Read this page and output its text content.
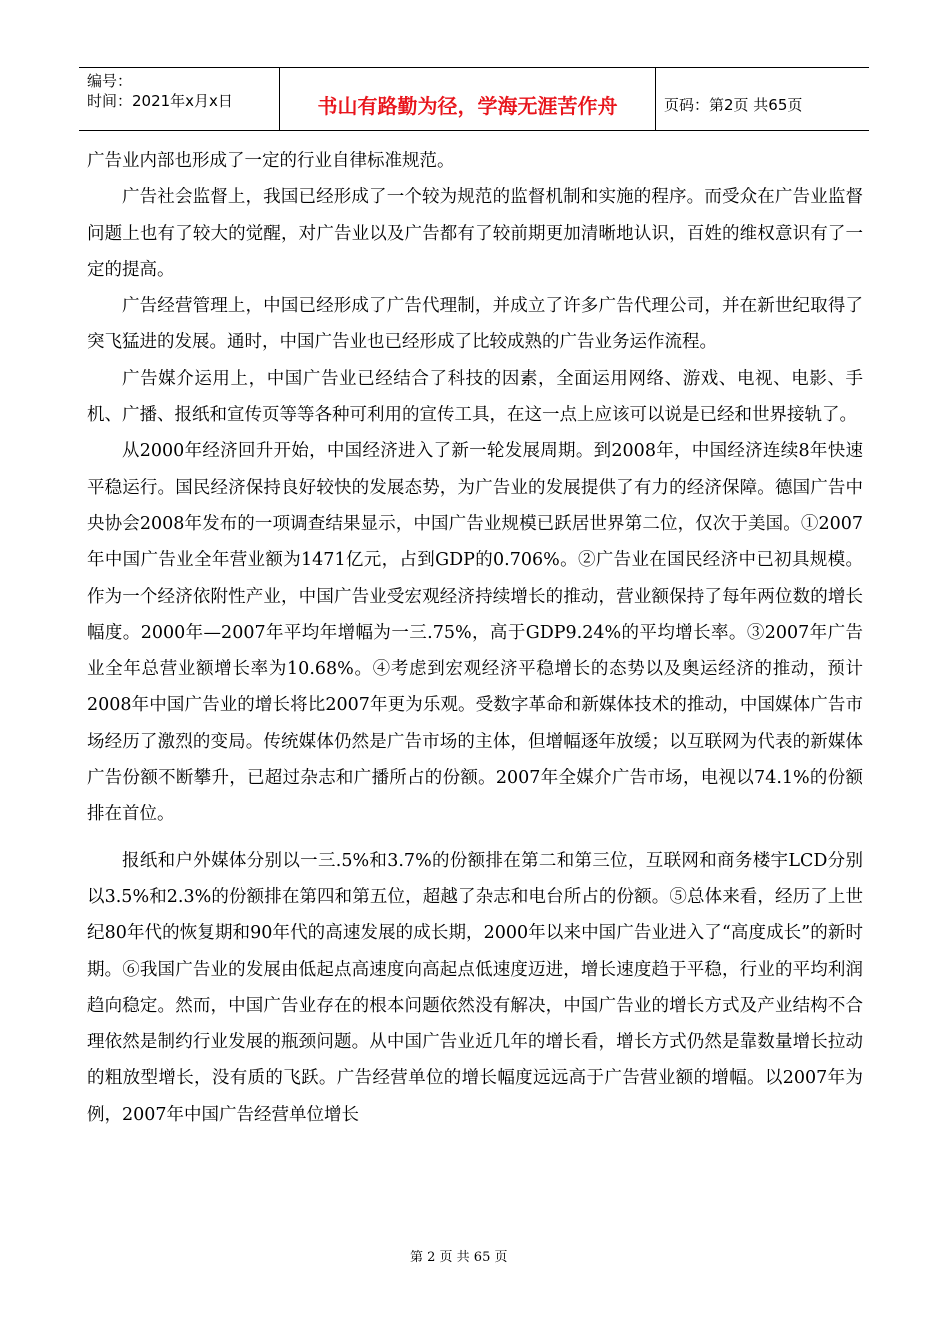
编号：
时间：2021年x月x日	书山有路勤为径，学海无涯苦作舟	页码：第2页 共65页

广告业内部也形成了一定的行业自律标准规范。

广告社会监督上，我国已经形成了一个较为规范的监督机制和实施的程序。而受众在广告业监督问题上也有了较大的觉醒，对广告业以及广告都有了较前期更加清晰地认识，百姓的维权意识有了一定的提高。

广告经营管理上，中国已经形成了广告代理制，并成立了许多广告代理公司，并在新世纪取得了突飞猛进的发展。通时，中国广告业也已经形成了比较成熟的广告业务运作流程。

广告媒介运用上，中国广告业已经结合了科技的因素，全面运用网络、游戏、电视、电影、手机、广播、报纸和宣传页等等各种可利用的宣传工具，在这一点上应该可以说是已经和世界接轨了。

从2000年经济回升开始，中国经济进入了新一轮发展周期。到2008年，中国经济连续8年快速平稳运行。国民经济保持良好较快的发展态势，为广告业的发展提供了有力的经济保障。德国广告中央协会2008年发布的一项调查结果显示，中国广告业规模已跃居世界第二位，仅次于美国。①2007年中国广告业全年营业额为1471亿元，占到GDP的0.706%。②广告业在国民经济中已初具规模。作为一个经济依附性产业，中国广告业受宏观经济持续增长的推动，营业额保持了每年两位数的增长幅度。2000年—2007年平均年增幅为一三.75%，高于GDP9.24%的平均增长率。③2007年广告业全年总营业额增长率为10.68%。④考虑到宏观经济平稳增长的态势以及奥运经济的推动，预计2008年中国广告业的增长将比2007年更为乐观。受数字革命和新媒体技术的推动，中国媒体广告市场经历了激烈的变局。传统媒体仍然是广告市场的主体，但增幅逐年放缓；以互联网为代表的新媒体广告份额不断攀升，已超过杂志和广播所占的份额。2007年全媒介广告市场，电视以74.1%的份额排在首位。

报纸和户外媒体分别以一三.5%和3.7%的份额排在第二和第三位，互联网和商务楼宇LCD分别以3.5%和2.3%的份额排在第四和第五位，超越了杂志和电台所占的份额。⑤总体来看，经历了上世纪80年代的恢复期和90年代的高速发展的成长期，2000年以来中国广告业进入了“高度成长”的新时期。⑥我国广告业的发展由低起点高速度向高起点低速度迈进，增长速度趋于平稳，行业的平均利润趋向稳定。然而，中国广告业存在的根本问题依然没有解决，中国广告业的增长方式及产业结构不合理依然是制约行业发展的瓶颈问题。从中国广告业近几年的增长看，增长方式仍然是靠数量增长拉动的粗放型增长，没有质的飞跃。广告经营单位的增长幅度远远高于广告营业额的增幅。以2007年为例，2007年中国广告经营单位增长

第 2 页 共 65 页
